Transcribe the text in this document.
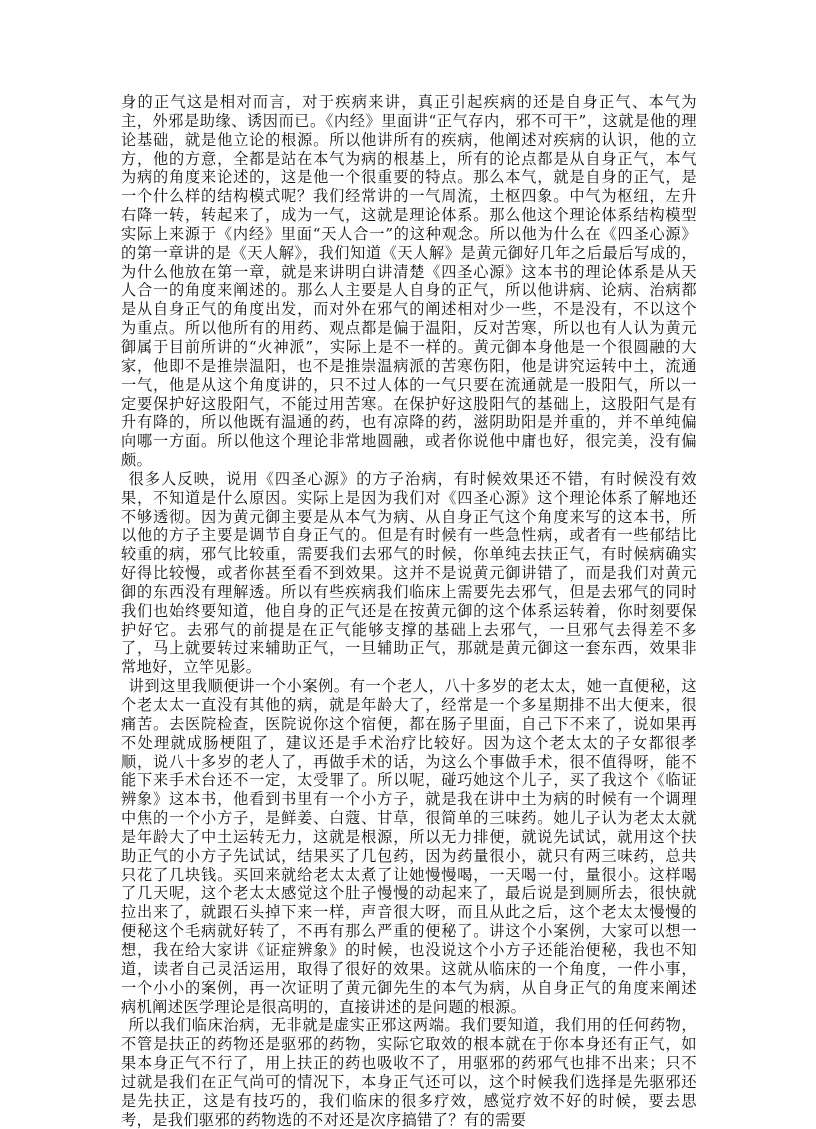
身的正气这是相对而言，对于疾病来讲，真正引起疾病的还是自身正气、本气为主，外邪是助缘、诱因而已。《内经》里面讲“正气存内，邪不可干”，这就是他的理论基础，就是他立论的根源。所以他讲所有的疾病，他阐述对疾病的认识，他的立方，他的方意，全都是站在本气为病的根基上，所有的论点都是从自身正气，本气为病的角度来论述的，这是他一个很重要的特点。那么本气，就是自身的正气，是一个什么样的结构模式呢？我们经常讲的一气周流，土枢四象。中气为枢纽，左升右降一转，转起来了，成为一气，这就是理论体系。那么他这个理论体系结构模型实际上来源于《内经》里面“天人合一”的这种观念。所以他为什么在《四圣心源》的第一章讲的是《天人解》，我们知道《天人解》是黄元御好几年之后最后写成的，为什么他放在第一章，就是来讲明白讲清楚《四圣心源》这本书的理论体系是从天人合一的角度来阐述的。那么人主要是人自身的正气，所以他讲病、论病、治病都是从自身正气的角度出发，而对外在邪气的阐述相对少一些，不是没有，不以这个为重点。所以他所有的用药、观点都是偏于温阳，反对苦寒，所以也有人认为黄元御属于目前所讲的“火神派”，实际上是不一样的。黄元御本身他是一个很圆融的大家，他即不是推崇温阳，也不是推崇温病派的苦寒伤阳，他是讲究运转中土，流通一气，他是从这个角度讲的，只不过人体的一气只要在流通就是一股阳气，所以一定要保护好这股阳气，不能过用苦寒。在保护好这股阳气的基础上，这股阳气是有升有降的，所以他既有温通的药，也有凉降的药，滋阴助阳是并重的，并不单纯偏向哪一方面。所以他这个理论非常地圆融，或者你说他中庸也好，很完美，没有偏颇。

很多人反映，说用《四圣心源》的方子治病，有时候效果还不错，有时候没有效果，不知道是什么原因。实际上是因为我们对《四圣心源》这个理论体系了解地还不够透彻。因为黄元御主要是从本气为病、从自身正气这个角度来写的这本书，所以他的方子主要是调节自身正气的。但是有时候有一些急性病，或者有一些郁结比较重的病，邪气比较重，需要我们去邪气的时候，你单纯去扶正气，有时候病确实好得比较慢，或者你甚至看不到效果。这并不是说黄元御讲错了，而是我们对黄元御的东西没有理解透。所以有些疾病我们临床上需要先去邪气，但是去邪气的同时我们也始终要知道，他自身的正气还是在按黄元御的这个体系运转着，你时刻要保护好它。去邪气的前提是在正气能够支撑的基础上去邪气，一旦邪气去得差不多了，马上就要转过来辅助正气，一旦辅助正气，那就是黄元御这一套东西，效果非常地好，立竿见影。

讲到这里我顺便讲一个小案例。有一个老人，八十多岁的老太太，她一直便秘，这个老太太一直没有其他的病，就是年龄大了，经常是一个多星期排不出大便来，很痛苦。去医院检查，医院说你这个宿便，都在肠子里面，自己下不来了，说如果再不处理就成肠梗阻了，建议还是手术治疗比较好。因为这个老太太的子女都很孝顺，说八十多岁的老人了，再做手术的话，为这么个事做手术，很不值得呀，能不能下来手术台还不一定，太受罪了。所以呢，碰巧她这个儿子，买了我这个《临证辨象》这本书，他看到书里有一个小方子，就是我在讲中土为病的时候有一个调理中焦的一个小方子，是鲜姜、白蔻、甘草，很简单的三味药。她儿子认为老太太就是年龄大了中土运转无力，这就是根源，所以无力排便，就说先试试，就用这个扶助正气的小方子先试试，结果买了几包药，因为药量很小，就只有两三味药，总共只花了几块钱。买回来就给老太太煮了让她慢慢喝，一天喝一付，量很小。这样喝了几天呢，这个老太太感觉这个肚子慢慢的动起来了，最后说是到厕所去，很快就拉出来了，就跟石头掉下来一样，声音很大呀，而且从此之后，这个老太太慢慢的便秘这个毛病就好转了，不再有那么严重的便秘了。讲这个小案例，大家可以想一想，我在给大家讲《证症辨象》的时候，也没说这个小方子还能治便秘，我也不知道，读者自己灵活运用，取得了很好的效果。这就从临床的一个角度，一件小事，一个小小的案例，再一次证明了黄元御先生的本气为病，从自身正气的角度来阐述病机阐述医学理论是很高明的，直接讲述的是问题的根源。

所以我们临床治病，无非就是虚实正邪这两端。我们要知道，我们用的任何药物，不管是扶正的药物还是驱邪的药物，实际它取效的根本就在于你本身还有正气，如果本身正气不行了，用上扶正的药也吸收不了，用驱邪的药邪气也排不出来；只不过就是我们在正气尚可的情况下，本身正气还可以，这个时候我们选择是先驱邪还是先扶正，这是有技巧的，我们临床的很多疗效，感觉疗效不好的时候，要去思考，是我们驱邪的药物选的不对还是次序搞错了？有的需要
